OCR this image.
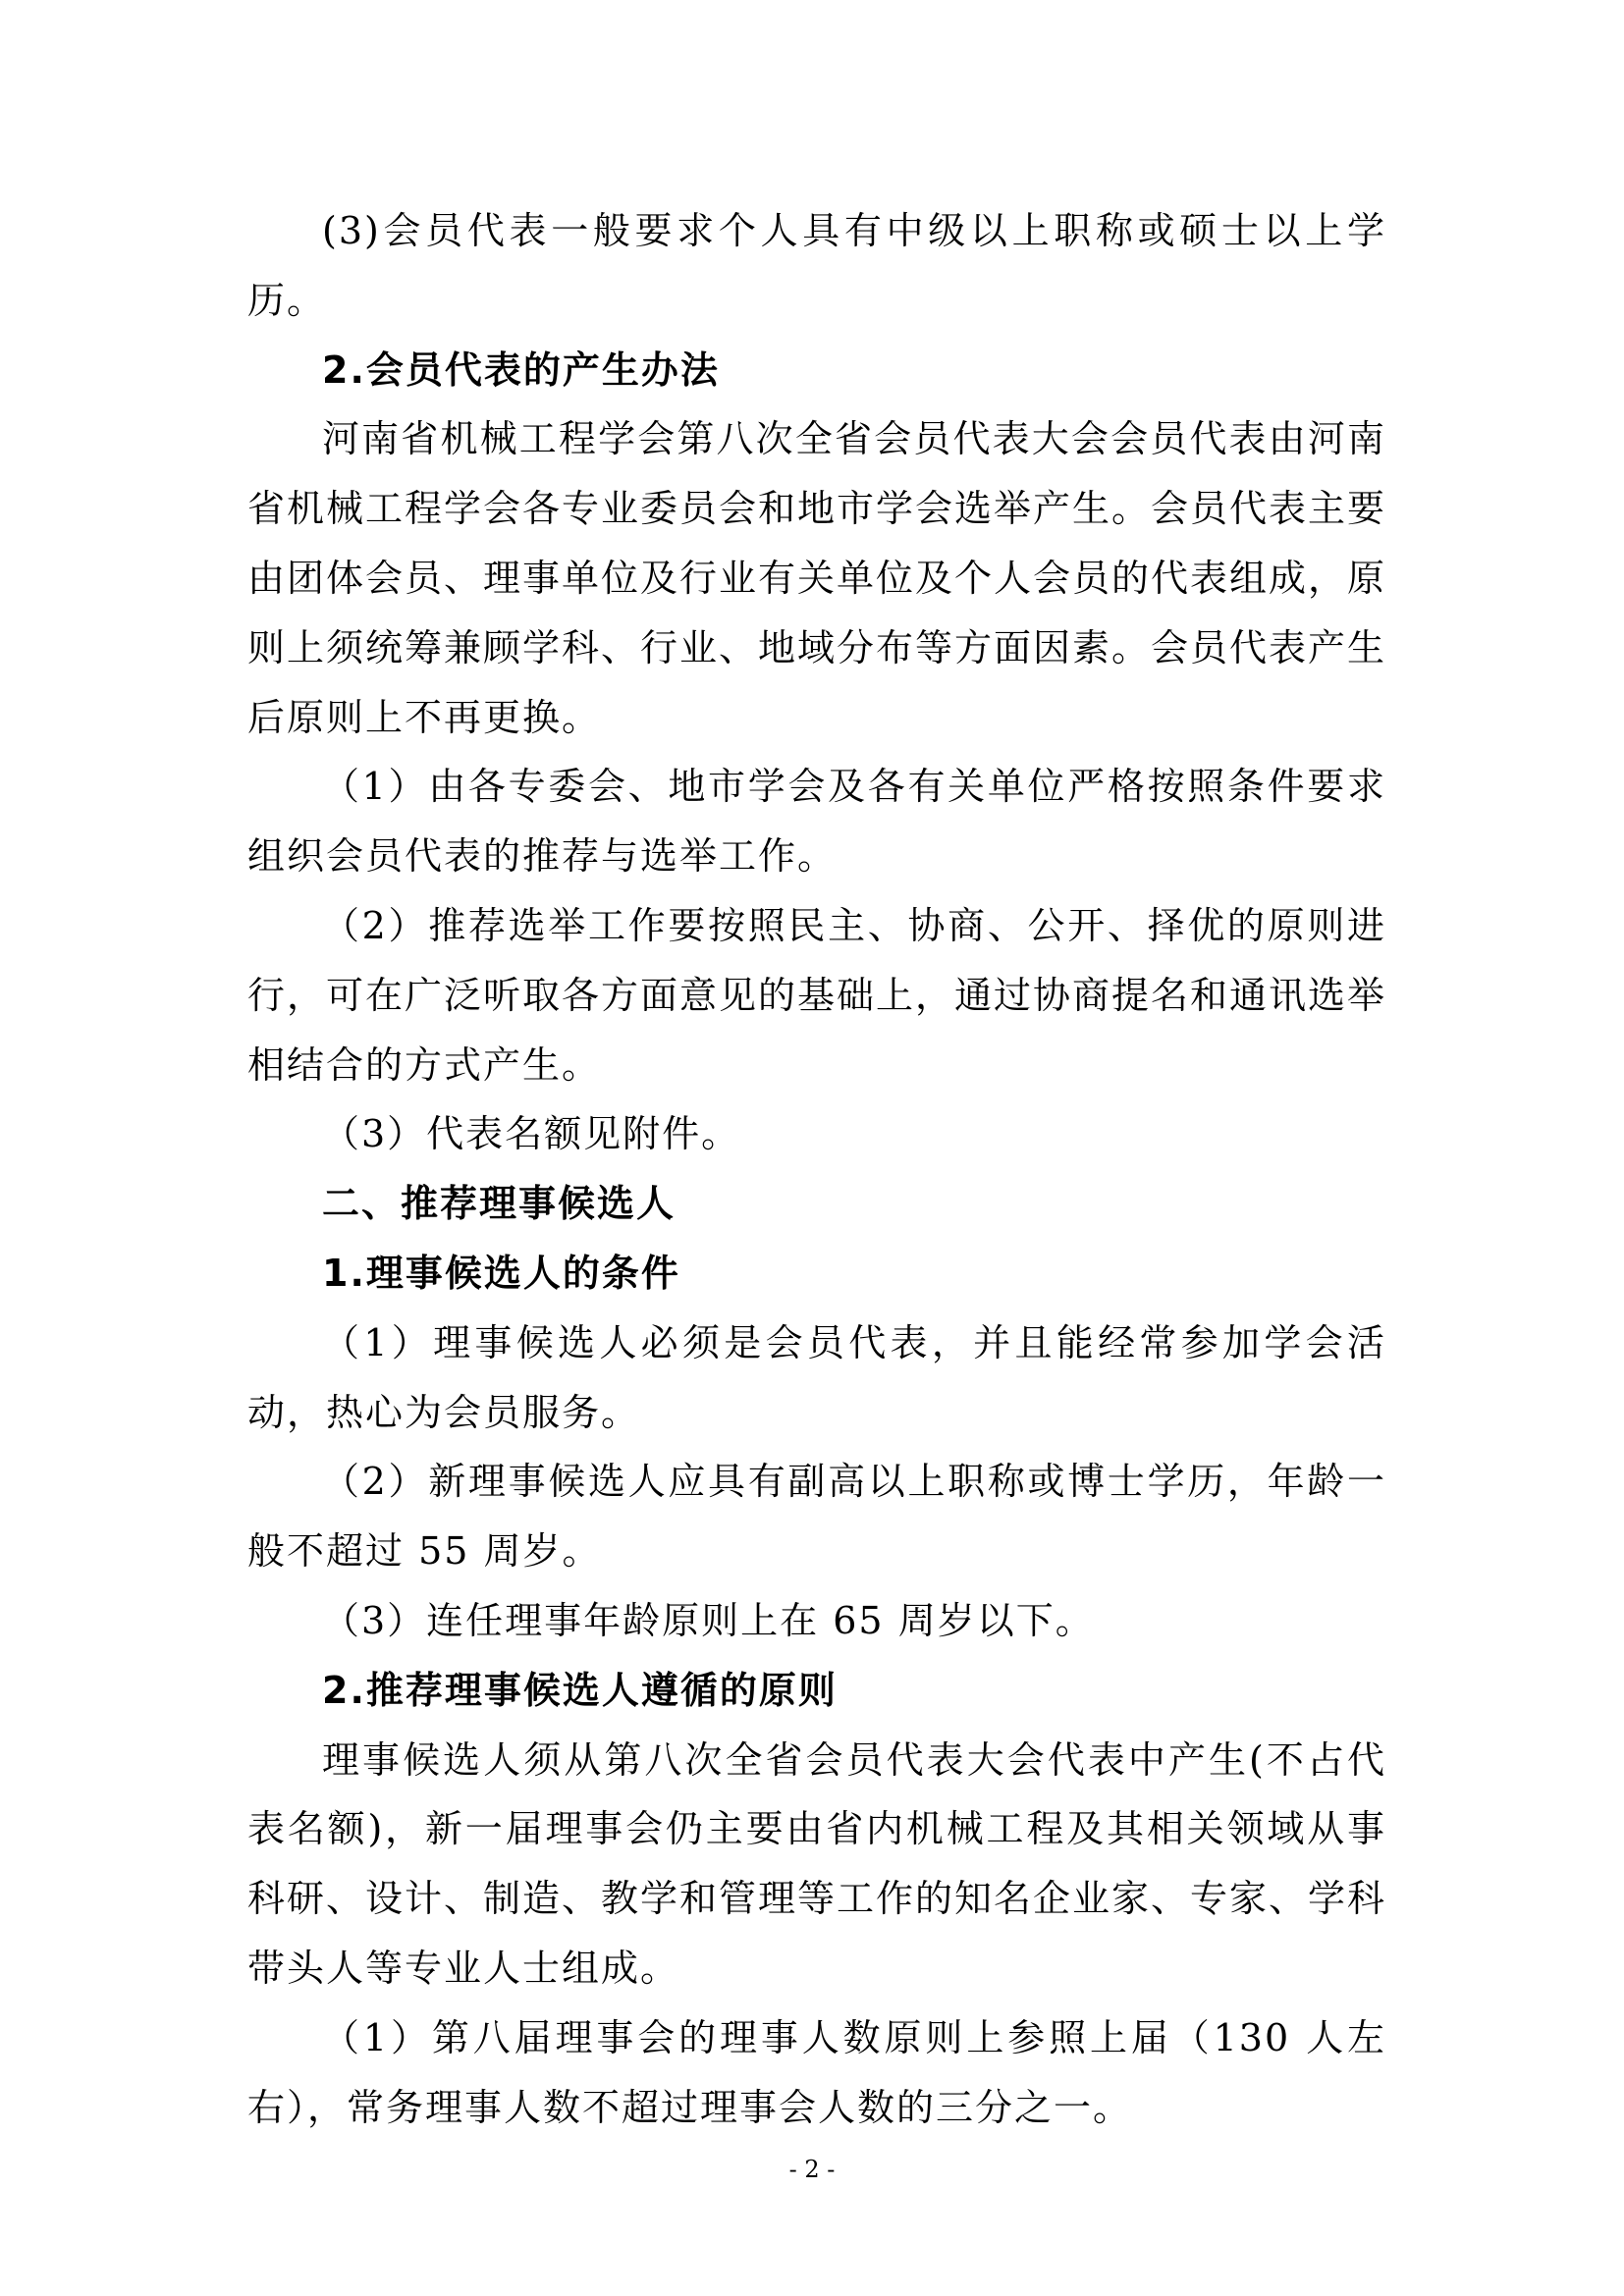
(3)会员代表一般要求个人具有中级以上职称或硕士以上学历。

2.会员代表的产生办法

河南省机械工程学会第八次全省会员代表大会会员代表由河南省机械工程学会各专业委员会和地市学会选举产生。会员代表主要由团体会员、理事单位及行业有关单位及个人会员的代表组成，原则上须统筹兼顾学科、行业、地域分布等方面因素。会员代表产生后原则上不再更换。

（1）由各专委会、地市学会及各有关单位严格按照条件要求组织会员代表的推荐与选举工作。

（2）推荐选举工作要按照民主、协商、公开、择优的原则进行，可在广泛听取各方面意见的基础上，通过协商提名和通讯选举相结合的方式产生。

（3）代表名额见附件。

二、推荐理事候选人

1.理事候选人的条件

（1）理事候选人必须是会员代表，并且能经常参加学会活动，热心为会员服务。

（2）新理事候选人应具有副高以上职称或博士学历，年龄一般不超过 55 周岁。

（3）连任理事年龄原则上在 65 周岁以下。

2.推荐理事候选人遵循的原则

理事候选人须从第八次全省会员代表大会代表中产生(不占代表名额)，新一届理事会仍主要由省内机械工程及其相关领域从事科研、设计、制造、教学和管理等工作的知名企业家、专家、学科带头人等专业人士组成。

（1）第八届理事会的理事人数原则上参照上届（130 人左右），常务理事人数不超过理事会人数的三分之一。

- 2 -
